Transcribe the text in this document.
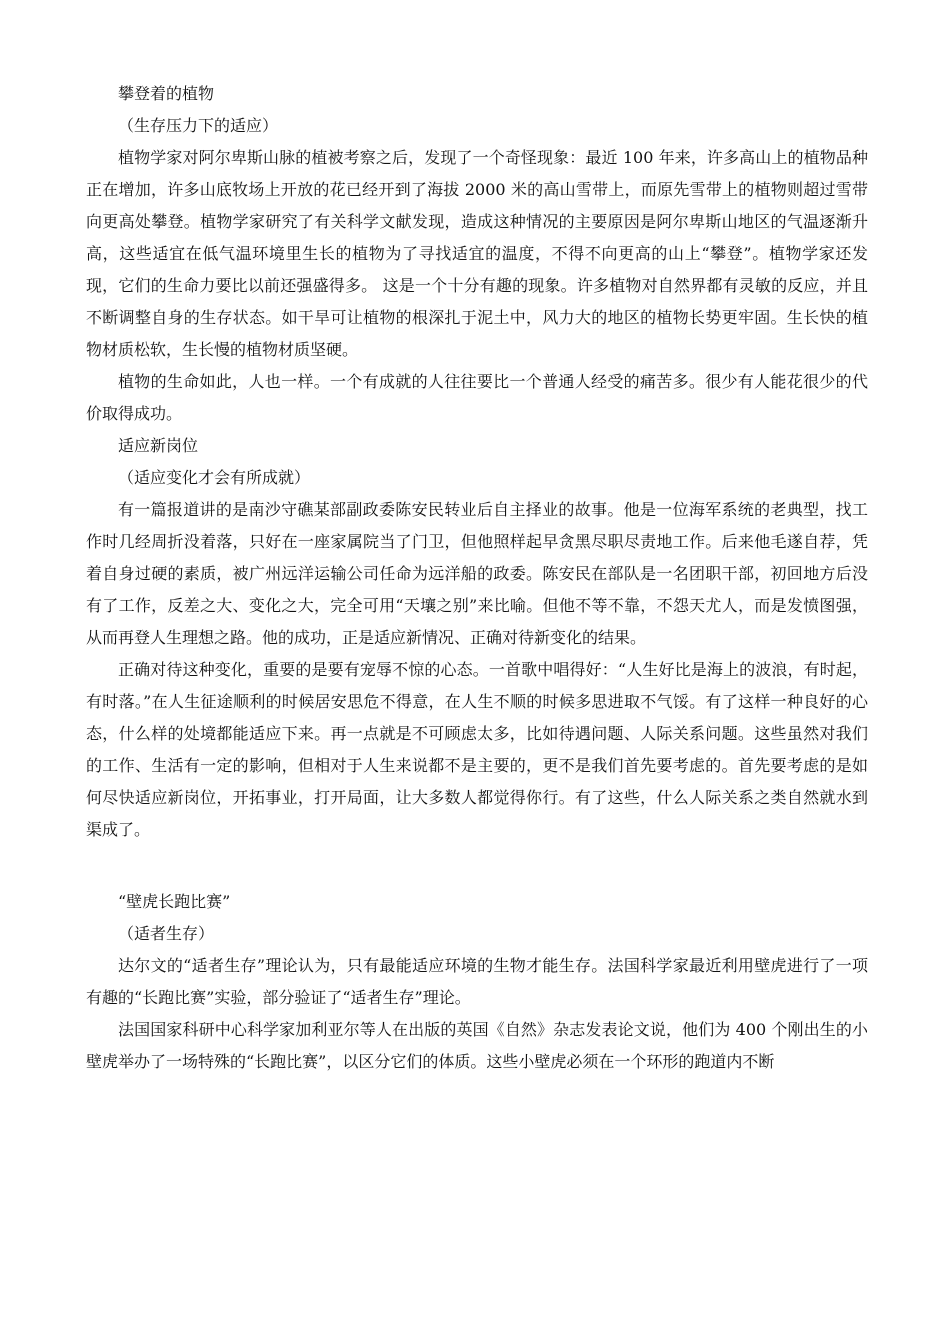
攀登着的植物

（生存压力下的适应）

植物学家对阿尔卑斯山脉的植被考察之后，发现了一个奇怪现象：最近 100 年来，许多高山上的植物品种正在增加，许多山底牧场上开放的花已经开到了海拔 2000 米的高山雪带上，而原先雪带上的植物则超过雪带向更高处攀登。植物学家研究了有关科学文献发现，造成这种情况的主要原因是阿尔卑斯山地区的气温逐渐升高，这些适宜在低气温环境里生长的植物为了寻找适宜的温度，不得不向更高的山上“攀登”。植物学家还发现，它们的生命力要比以前还强盛得多。 这是一个十分有趣的现象。许多植物对自然界都有灵敏的反应，并且不断调整自身的生存状态。如干旱可让植物的根深扎于泥土中，风力大的地区的植物长势更牢固。生长快的植物材质松软，生长慢的植物材质坚硬。

植物的生命如此，人也一样。一个有成就的人往往要比一个普通人经受的痛苦多。很少有人能花很少的代价取得成功。

适应新岗位

（适应变化才会有所成就）

有一篇报道讲的是南沙守礁某部副政委陈安民转业后自主择业的故事。他是一位海军系统的老典型，找工作时几经周折没着落，只好在一座家属院当了门卫，但他照样起早贪黑尽职尽责地工作。后来他毛遂自荐，凭着自身过硬的素质，被广州远洋运输公司任命为远洋船的政委。陈安民在部队是一名团职干部，初回地方后没有了工作，反差之大、变化之大，完全可用“天壤之别”来比喻。但他不等不靠，不怨天尤人，而是发愤图强，从而再登人生理想之路。他的成功，正是适应新情况、正确对待新变化的结果。

正确对待这种变化，重要的是要有宠辱不惊的心态。一首歌中唱得好：“人生好比是海上的波浪，有时起，有时落。”在人生征途顺利的时候居安思危不得意，在人生不顺的时候多思进取不气馁。有了这样一种良好的心态，什么样的处境都能适应下来。再一点就是不可顾虑太多，比如待遇问题、人际关系问题。这些虽然对我们的工作、生活有一定的影响，但相对于人生来说都不是主要的，更不是我们首先要考虑的。首先要考虑的是如何尽快适应新岗位，开拓事业，打开局面，让大多数人都觉得你行。有了这些，什么人际关系之类自然就水到渠成了。

“壁虎长跑比赛”

（适者生存）

达尔文的“适者生存”理论认为，只有最能适应环境的生物才能生存。法国科学家最近利用壁虎进行了一项有趣的“长跑比赛”实验，部分验证了“适者生存”理论。

法国国家科研中心科学家加利亚尔等人在出版的英国《自然》杂志发表论文说，他们为 400 个刚出生的小壁虎举办了一场特殊的“长跑比赛”，以区分它们的体质。这些小壁虎必须在一个环形的跑道内不断
